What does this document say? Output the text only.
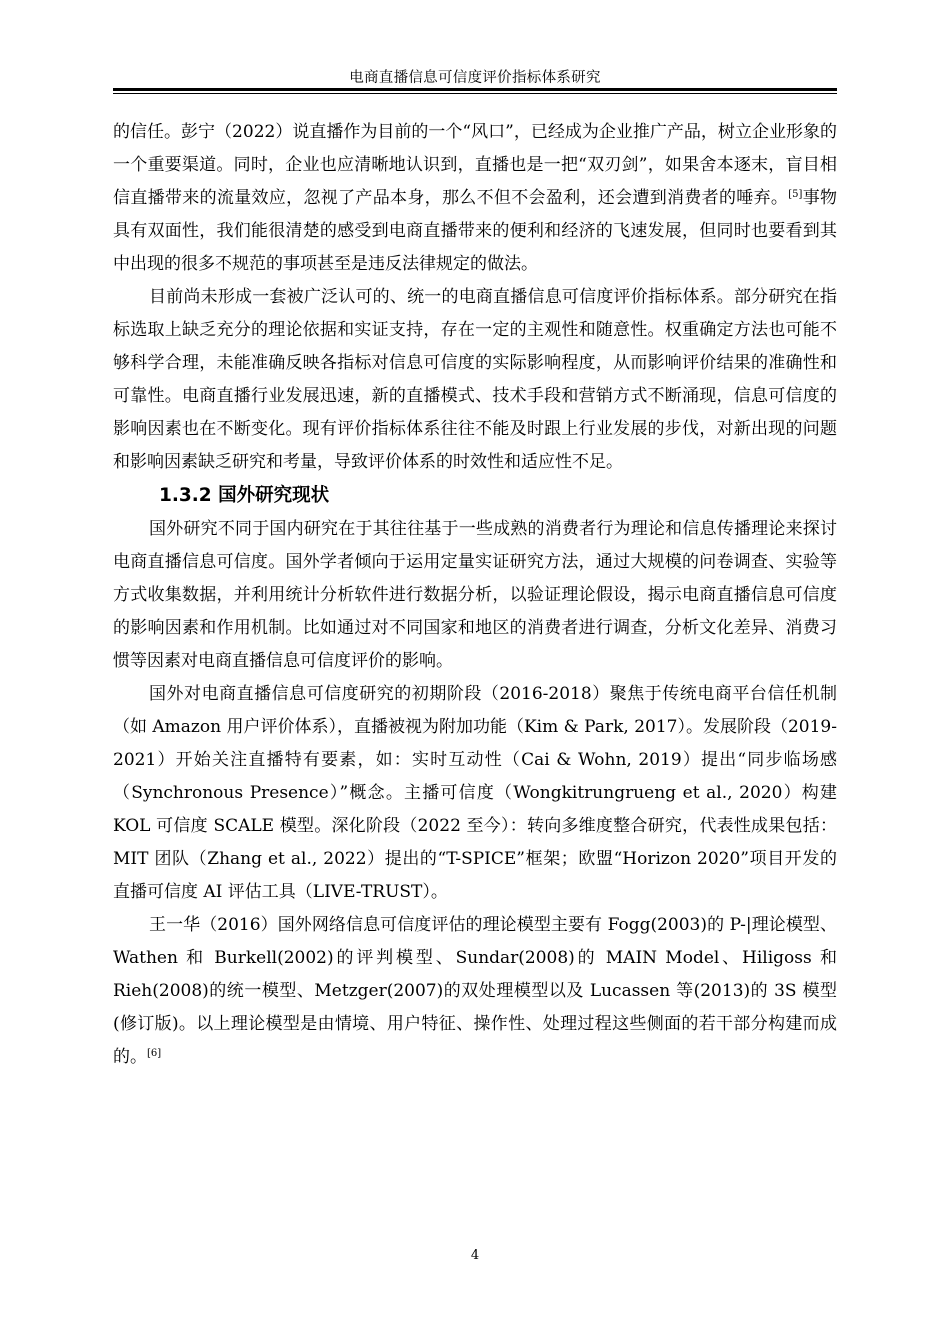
电商直播信息可信度评价指标体系研究

的信任。彭宁（2022）说直播作为目前的一个“风口”，已经成为企业推广产品，树立企业形象的一个重要渠道。同时，企业也应清晰地认识到，直播也是一把“双刃剑”，如果舍本逐末，盲目相信直播带来的流量效应，忽视了产品本身，那么不但不会盈利，还会遭到消费者的唾弃。[5]事物具有双面性，我们能很清楚的感受到电商直播带来的便利和经济的飞速发展，但同时也要看到其中出现的很多不规范的事项甚至是违反法律规定的做法。

目前尚未形成一套被广泛认可的、统一的电商直播信息可信度评价指标体系。部分研究在指标选取上缺乏充分的理论依据和实证支持，存在一定的主观性和随意性。权重确定方法也可能不够科学合理，未能准确反映各指标对信息可信度的实际影响程度，从而影响评价结果的准确性和可靠性。电商直播行业发展迅速，新的直播模式、技术手段和营销方式不断涌现，信息可信度的影响因素也在不断变化。现有评价指标体系往往不能及时跟上行业发展的步伐，对新出现的问题和影响因素缺乏研究和考量，导致评价体系的时效性和适应性不足。

1.3.2 国外研究现状

国外研究不同于国内研究在于其往往基于一些成熟的消费者行为理论和信息传播理论来探讨电商直播信息可信度。国外学者倾向于运用定量实证研究方法，通过大规模的问卷调查、实验等方式收集数据，并利用统计分析软件进行数据分析，以验证理论假设，揭示电商直播信息可信度的影响因素和作用机制。比如通过对不同国家和地区的消费者进行调查，分析文化差异、消费习惯等因素对电商直播信息可信度评价的影响。

国外对电商直播信息可信度研究的初期阶段（2016-2018）聚焦于传统电商平台信任机制（如 Amazon 用户评价体系），直播被视为附加功能（Kim & Park, 2017）。发展阶段（2019-2021）开始关注直播特有要素，如：实时互动性（Cai & Wohn, 2019）提出“同步临场感（Synchronous Presence）”概念。主播可信度（Wongkitrungrueng et al., 2020）构建 KOL 可信度 SCALE 模型。深化阶段（2022 至今）：转向多维度整合研究，代表性成果包括：MIT 团队（Zhang et al., 2022）提出的“T-SPICE”框架；欧盟“Horizon 2020”项目开发的直播可信度 AI 评估工具（LIVE-TRUST）。

王一华（2016）国外网络信息可信度评估的理论模型主要有 Fogg(2003)的 P-|理论模型、Wathen 和 Burkell(2002)的评判模型、Sundar(2008)的 MAIN Model、Hiligoss 和 Rieh(2008)的统一模型、Metzger(2007)的双处理模型以及 Lucassen 等(2013)的 3S 模型(修订版)。以上理论模型是由情境、用户特征、操作性、处理过程这些侧面的若干部分构建而成的。[6]

4
